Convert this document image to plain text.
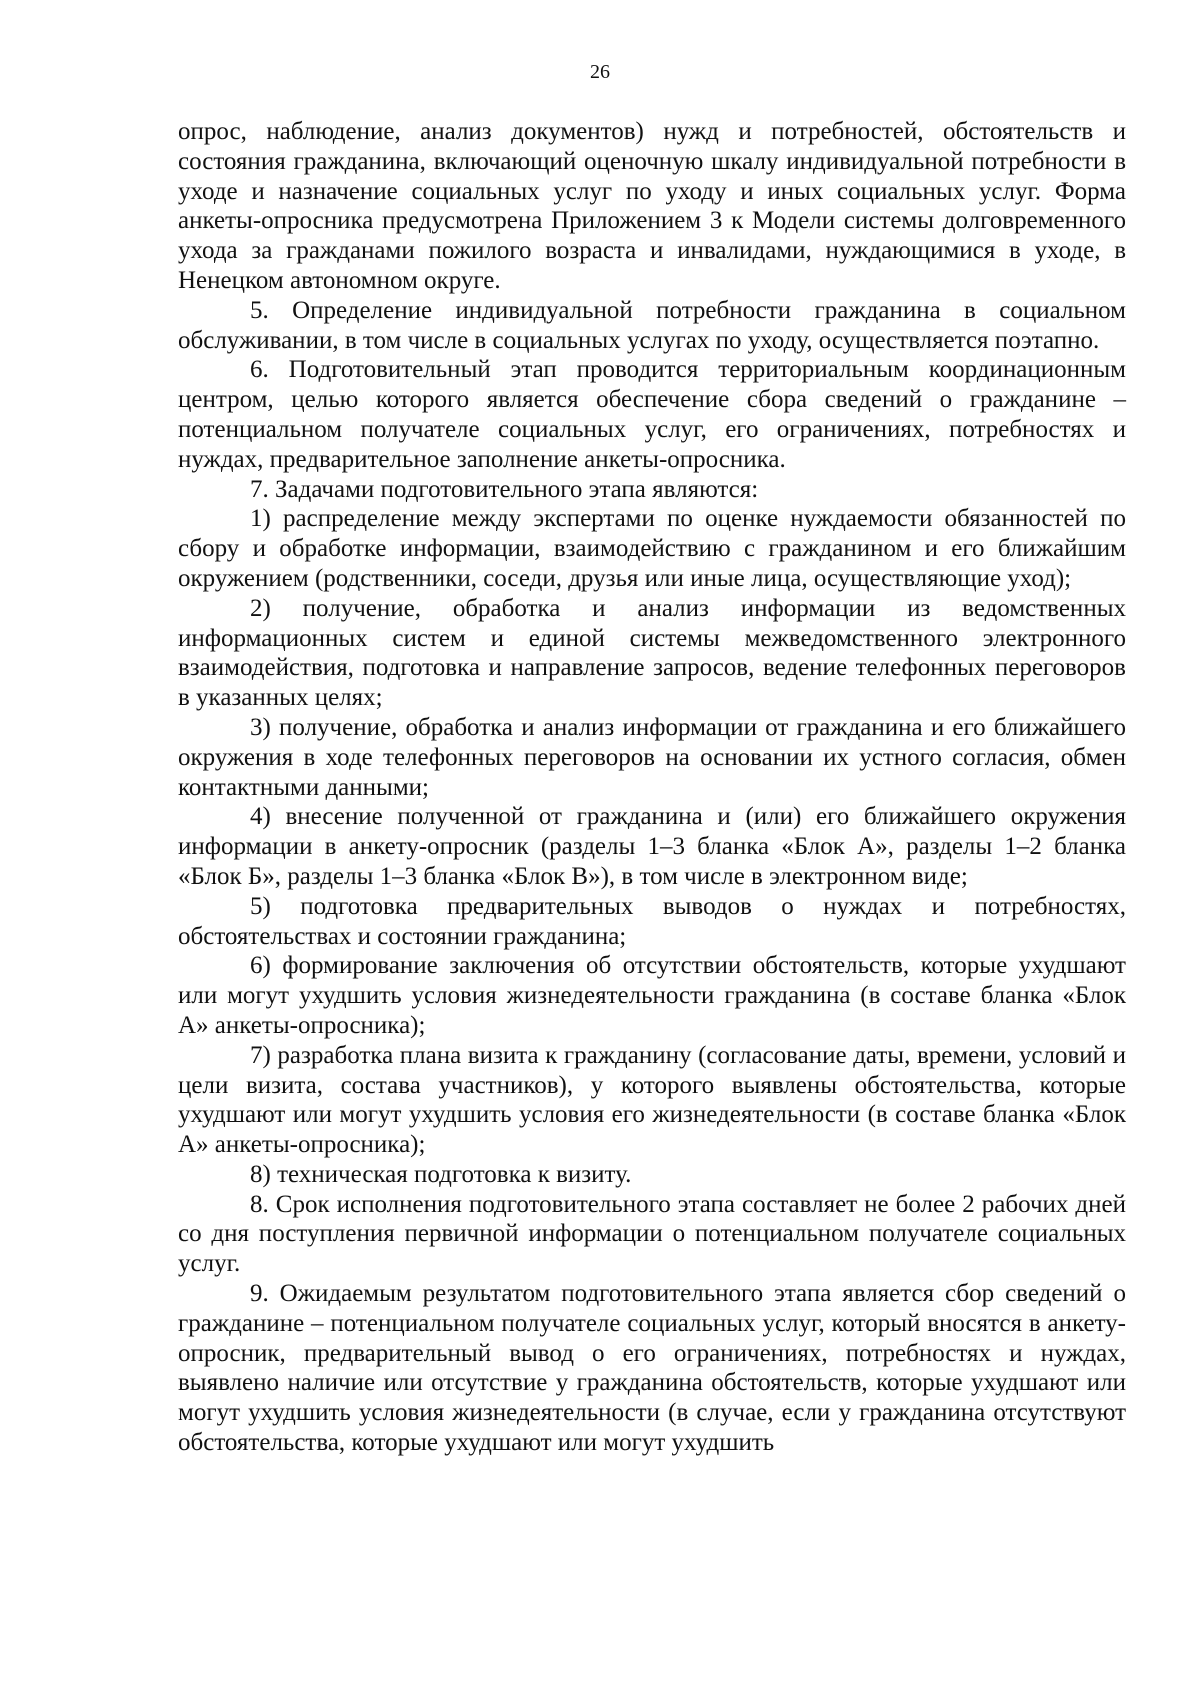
26

опрос, наблюдение, анализ документов) нужд и потребностей, обстоятельств и состояния гражданина, включающий оценочную шкалу индивидуальной потребности в уходе и назначение социальных услуг по уходу и иных социальных услуг. Форма анкеты-опросника предусмотрена Приложением 3 к Модели системы долговременного ухода за гражданами пожилого возраста и инвалидами, нуждающимися в уходе, в Ненецком автономном округе.

5. Определение индивидуальной потребности гражданина в социальном обслуживании, в том числе в социальных услугах по уходу, осуществляется поэтапно.

6. Подготовительный этап проводится территориальным координационным центром, целью которого является обеспечение сбора сведений о гражданине – потенциальном получателе социальных услуг, его ограничениях, потребностях и нуждах, предварительное заполнение анкеты-опросника.

7. Задачами подготовительного этапа являются:

1) распределение между экспертами по оценке нуждаемости обязанностей по сбору и обработке информации, взаимодействию с гражданином и его ближайшим окружением (родственники, соседи, друзья или иные лица, осуществляющие уход);

2) получение, обработка и анализ информации из ведомственных информационных систем и единой системы межведомственного электронного взаимодействия, подготовка и направление запросов, ведение телефонных переговоров в указанных целях;

3) получение, обработка и анализ информации от гражданина и его ближайшего окружения в ходе телефонных переговоров на основании их устного согласия, обмен контактными данными;

4) внесение полученной от гражданина и (или) его ближайшего окружения информации в анкету-опросник (разделы 1–3 бланка «Блок А», разделы 1–2 бланка «Блок Б», разделы 1–3 бланка «Блок В»), в том числе в электронном виде;

5) подготовка предварительных выводов о нуждах и потребностях, обстоятельствах и состоянии гражданина;

6) формирование заключения об отсутствии обстоятельств, которые ухудшают или могут ухудшить условия жизнедеятельности гражданина (в составе бланка «Блок А» анкеты-опросника);

7) разработка плана визита к гражданину (согласование даты, времени, условий и цели визита, состава участников), у которого выявлены обстоятельства, которые ухудшают или могут ухудшить условия его жизнедеятельности (в составе бланка «Блок А» анкеты-опросника);

8) техническая подготовка к визиту.

8. Срок исполнения подготовительного этапа составляет не более 2 рабочих дней со дня поступления первичной информации о потенциальном получателе социальных услуг.

9. Ожидаемым результатом подготовительного этапа является сбор сведений о гражданине – потенциальном получателе социальных услуг, который вносятся в анкету-опросник, предварительный вывод о его ограничениях, потребностях и нуждах, выявлено наличие или отсутствие у гражданина обстоятельств, которые ухудшают или могут ухудшить условия жизнедеятельности (в случае, если у гражданина отсутствуют обстоятельства, которые ухудшают или могут ухудшить
